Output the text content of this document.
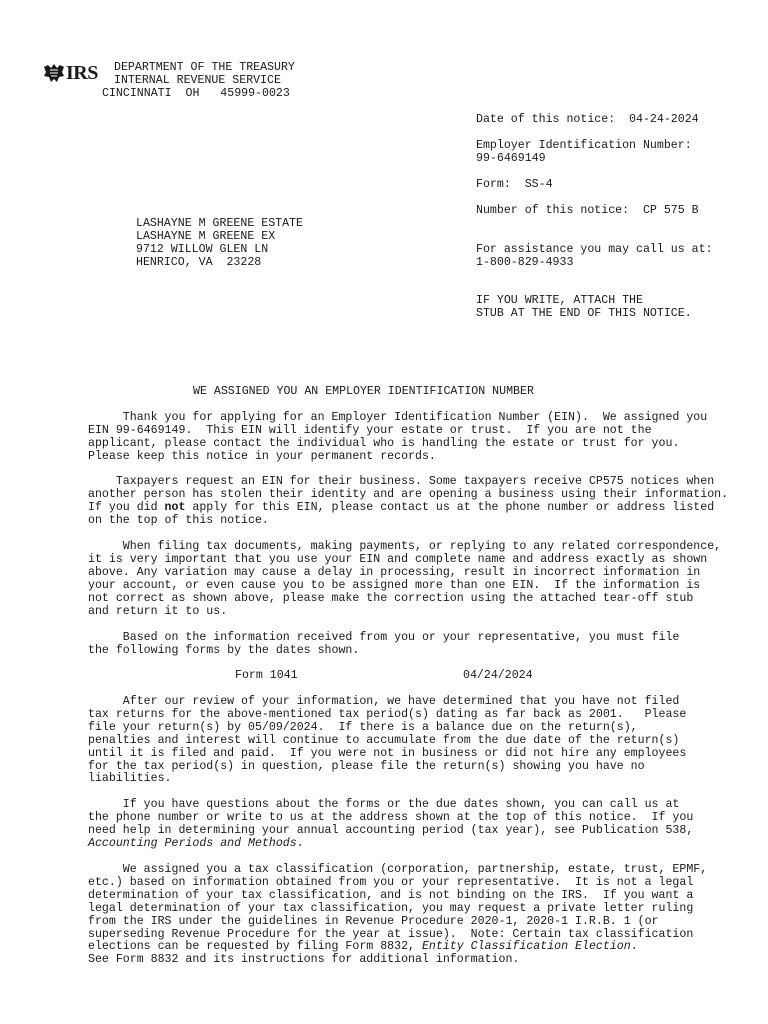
IRS DEPARTMENT OF THE TREASURY
INTERNAL REVENUE SERVICE
CINCINNATI  OH   45999-0023
Date of this notice:  04-24-2024
Employer Identification Number:
99-6469149
Form:  SS-4
Number of this notice:  CP 575 B
For assistance you may call us at:
1-800-829-4933
IF YOU WRITE, ATTACH THE
STUB AT THE END OF THIS NOTICE.
LASHAYNE M GREENE ESTATE
LASHAYNE M GREENE EX
9712 WILLOW GLEN LN
HENRICO, VA  23228
WE ASSIGNED YOU AN EMPLOYER IDENTIFICATION NUMBER

Thank you for applying for an Employer Identification Number (EIN).  We assigned you

EIN 99-6469149.  This EIN will identify your estate or trust.  If you are not the

applicant, please contact the individual who is handling the estate or trust for you.

Please keep this notice in your permanent records.

Taxpayers request an EIN for their business. Some taxpayers receive CP575 notices when

another person has stolen their identity and are opening a business using their information.

If you did not apply for this EIN, please contact us at the phone number or address listed

on the top of this notice.

When filing tax documents, making payments, or replying to any related correspondence,

it is very important that you use your EIN and complete name and address exactly as shown

above. Any variation may cause a delay in processing, result in incorrect information in

your account, or even cause you to be assigned more than one EIN.  If the information is

not correct as shown above, please make the correction using the attached tear-off stub

and return it to us.

Based on the information received from you or your representative, you must file

the following forms by the dates shown.

Form 1041	04/24/2024

After our review of your information, we have determined that you have not filed

tax returns for the above-mentioned tax period(s) dating as far back as 2001.   Please

file your return(s) by 05/09/2024.  If there is a balance due on the return(s),

penalties and interest will continue to accumulate from the due date of the return(s)

until it is filed and paid.  If you were not in business or did not hire any employees

for the tax period(s) in question, please file the return(s) showing you have no

liabilities.

If you have questions about the forms or the due dates shown, you can call us at

the phone number or write to us at the address shown at the top of this notice.  If you

need help in determining your annual accounting period (tax year), see Publication 538,

Accounting Periods and Methods.

We assigned you a tax classification (corporation, partnership, estate, trust, EPMF,

etc.) based on information obtained from you or your representative.  It is not a legal

determination of your tax classification, and is not binding on the IRS.  If you want a

legal determination of your tax classification, you may request a private letter ruling

from the IRS under the guidelines in Revenue Procedure 2020-1, 2020-1 I.R.B. 1 (or

superseding Revenue Procedure for the year at issue).  Note: Certain tax classification

elections can be requested by filing Form 8832, Entity Classification Election.

See Form 8832 and its instructions for additional information.
